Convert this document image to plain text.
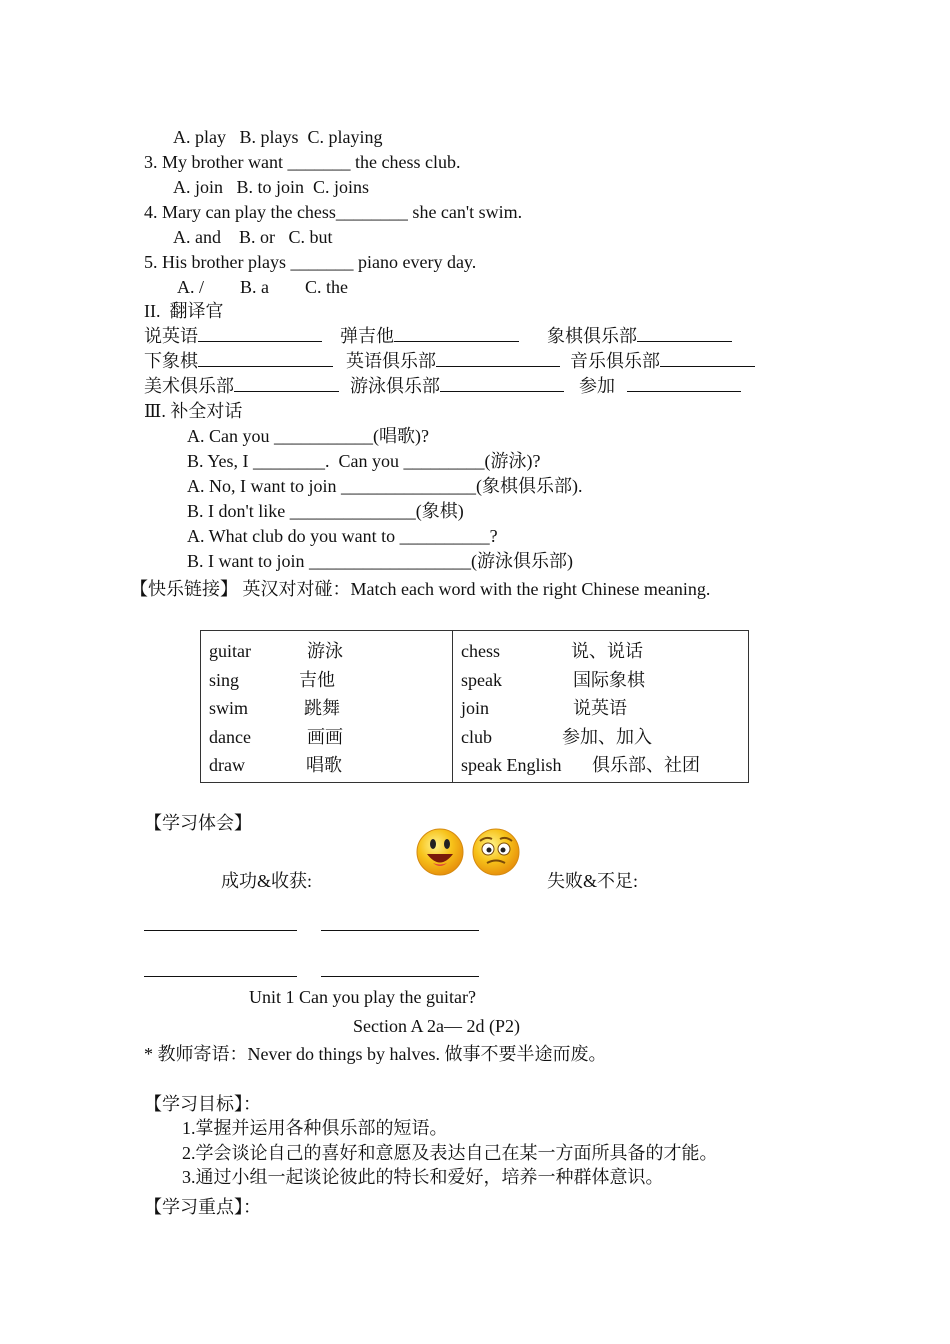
A. play   B. plays  C. playing
3. My brother want _______ the chess club.
A. join   B. to join  C. joins
4. Mary can play the chess________ she can't swim.
A. and    B. or   C. but
5. His brother plays _______ piano every day.
A. /        B. a        C. the
II.  翻译官
说英语	弹吉他	象棋俱乐部
下象棋	英语俱乐部	音乐俱乐部
美术俱乐部	游泳俱乐部	参加
Ⅲ. 补全对话
A. Can you ___________(唱歌)?
B. Yes, I ________.  Can you _________(游泳)?
A. No, I want to join _______________(象棋俱乐部).
B. I don't like ______________(象棋)
A. What club do you want to __________?
B. I want to join __________________(游泳俱乐部)
【快乐链接】 英汉对对碰：Match each word with the right Chinese meaning.
guitar	游泳
sing	吉他
swim	跳舞
dance	画画
draw	唱歌

chess	说、说话
speak	国际象棋
join	说英语
club	参加、加入
speak English 俱乐部、社团
【学习体会】
成功&收获:	失败&不足:
Unit 1 Can you play the guitar?
Section A 2a— 2d (P2)
* 教师寄语：Never do things by halves. 做事不要半途而废。
【学习目标】：
1.掌握并运用各种俱乐部的短语。
2.学会谈论自己的喜好和意愿及表达自己在某一方面所具备的才能。
3.通过小组一起谈论彼此的特长和爱好，培养一种群体意识。
【学习重点】：
